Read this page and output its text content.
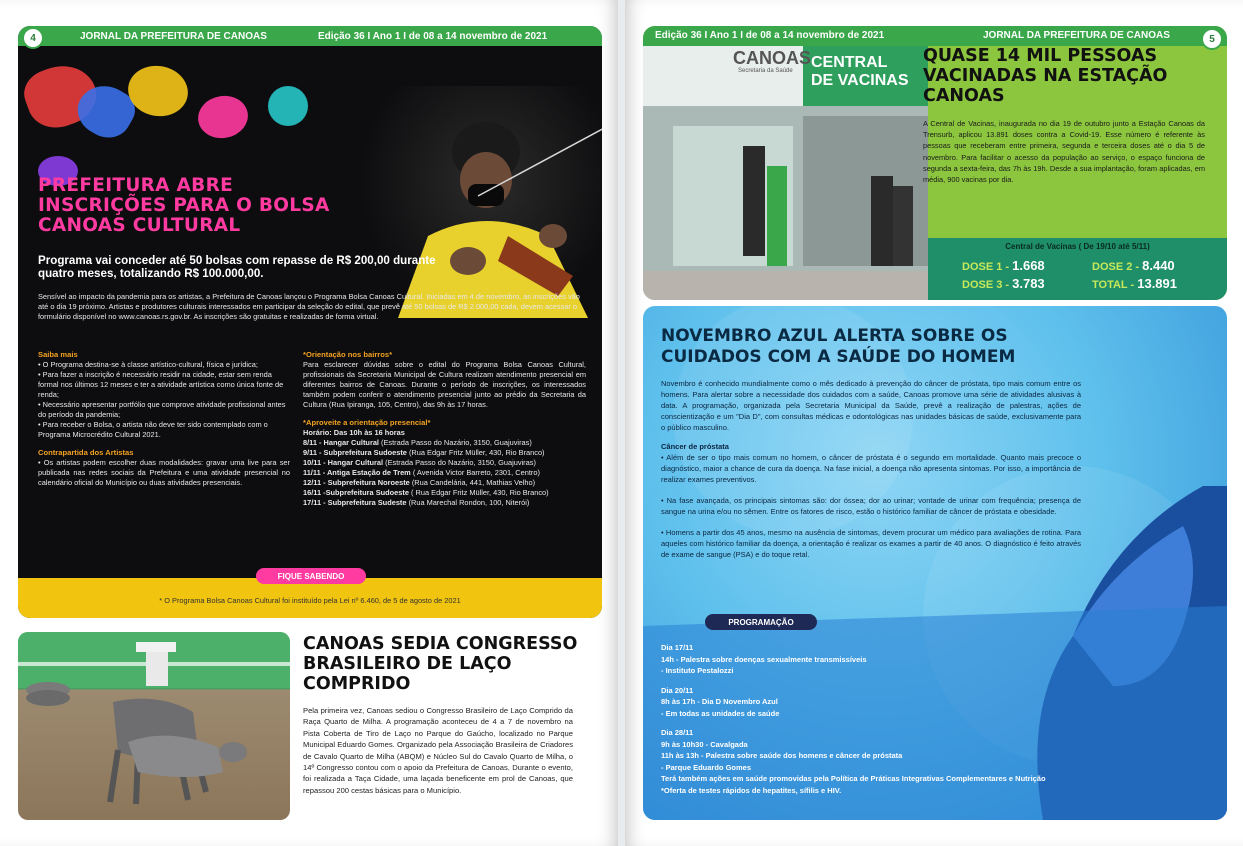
JORNAL DA PREFEITURA DE CANOAS	Edição 36 I Ano 1 I de 08 a 14 novembro de 2021
4
PREFEITURA ABRE INSCRIÇÕES PARA O BOLSA CANOAS CULTURAL
Programa vai conceder até 50 bolsas com repasse de R$ 200,00 durante quatro meses, totalizando R$ 100.000,00.
Sensível ao impacto da pandemia para os artistas, a Prefeitura de Canoas lançou o Programa Bolsa Canoas Cultural. Iniciadas em 4 de novembro, as inscrições vão até o dia 19 próximo. Artistas e produtores culturais interessados em participar da seleção do edital, que prevê até 50 bolsas de R$ 2.000,00 cada, devem acessar o formulário disponível no www.canoas.rs.gov.br. As inscrições são gratuitas e realizadas de forma virtual.
Saiba mais
• O Programa destina-se à classe artístico-cultural, física e jurídica;
• Para fazer a inscrição é necessário residir na cidade, estar sem renda formal nos últimos 12 meses e ter a atividade artística como única fonte de renda;
• Necessário apresentar portfólio que comprove atividade profissional antes do período da pandemia;
• Para receber o Bolsa, o artista não deve ter sido contemplado com o Programa Microcrédito Cultural 2021.
Contrapartida dos Artistas
• Os artistas podem escolher duas modalidades: gravar uma live para ser publicada nas redes sociais da Prefeitura e uma atividade presencial no calendário oficial do Município ou duas atividades presenciais.
*Orientação nos bairros*
Para esclarecer dúvidas sobre o edital do Programa Bolsa Canoas Cultural, profissionais da Secretaria Municipal de Cultura realizam atendimento presencial em diferentes bairros de Canoas. Durante o período de inscrições, os interessados também podem conferir o atendimento presencial junto ao prédio da Secretaria da Cultura (Rua Ipiranga, 105, Centro), das 9h às 17 horas.
*Aproveite a orientação presencial*
Horário: Das 10h às 16 horas
8/11 - Hangar Cultural (Estrada Passo do Nazário, 3150, Guajuviras)
9/11 - Subprefeitura Sudoeste (Rua Edgar Fritz Müller, 430, Rio Branco)
10/11 - Hangar Cultural (Estrada Passo do Nazário, 3150, Guajuviras)
11/11 - Antiga Estação de Trem ( Avenida Victor Barreto, 2301, Centro)
12/11 - Subprefeitura Noroeste (Rua Candelária, 441, Mathias Velho)
16/11 -Subprefeitura Sudoeste ( Rua Edgar Fritz Müller, 430, Rio Branco)
17/11 - Subprefeitura Sudeste (Rua Marechal Rondon, 100, Niterói)
FIQUE SABENDO
* O Programa Bolsa Canoas Cultural foi instituído pela Lei nº 6.460, de 5 de agosto de 2021
CANOAS SEDIA CONGRESSO BRASILEIRO DE LAÇO COMPRIDO
Pela primeira vez, Canoas sediou o Congresso Brasileiro de Laço Comprido da Raça Quarto de Milha. A programação aconteceu de 4 a 7 de novembro na Pista Coberta de Tiro de Laço no Parque do Gaúcho, localizado no Parque Municipal Eduardo Gomes. Organizado pela Associação Brasileira de Criadores de Cavalo Quarto de Milha (ABQM) e Núcleo Sul do Cavalo Quarto de Milha, o 14º Congresso contou com o apoio da Prefeitura de Canoas. Durante o evento, foi realizada a Taça Cidade, uma laçada beneficente em prol de Canoas, que repassou 200 cestas básicas para o Município.
Edição 36 I Ano 1 I de 08 a 14 novembro de 2021	JORNAL DA PREFEITURA DE CANOAS
CANOAS
Secretaria da Saúde CENTRAL DE VACINAS
Central de Vacinas ( De 19/10 até 5/11)
DOSE 1 - 1.668	DOSE 2 - 8.440
DOSE 3 - 3.783	TOTAL - 13.891
5
QUASE 14 MIL PESSOAS VACINADAS NA ESTAÇÃO CANOAS
A Central de Vacinas, inaugurada no dia 19 de outubro junto a Estação Canoas da Trensurb, aplicou 13.891 doses contra a Covid-19. Esse número é referente às pessoas que receberam entre primeira, segunda e terceira doses até o dia 5 de novembro. Para facilitar o acesso da população ao serviço, o espaço funciona de segunda a sexta-feira, das 7h às 19h. Desde a sua implantação, foram aplicadas, em média, 900 vacinas por dia.
NOVEMBRO AZUL ALERTA SOBRE OS CUIDADOS COM A SAÚDE DO HOMEM
Novembro é conhecido mundialmente como o mês dedicado à prevenção do câncer de próstata, tipo mais comum entre os homens. Para alertar sobre a necessidade dos cuidados com a saúde, Canoas promove uma série de atividades alusivas à data. A programação, organizada pela Secretaria Municipal da Saúde, prevê a realização de palestras, ações de conscientização e um "Dia D", com consultas médicas e odontológicas nas unidades básicas de saúde, exclusivamente para o público masculino.
Câncer de próstata
• Além de ser o tipo mais comum no homem, o câncer de próstata é o segundo em mortalidade. Quanto mais precoce o diagnóstico, maior a chance de cura da doença. Na fase inicial, a doença não apresenta sintomas. Por isso, a importância de realizar exames preventivos.
• Na fase avançada, os principais sintomas são: dor óssea; dor ao urinar; vontade de urinar com frequência; presença de sangue na urina e/ou no sêmen. Entre os fatores de risco, estão o histórico familiar de câncer de próstata e obesidade.
• Homens a partir dos 45 anos, mesmo na ausência de sintomas, devem procurar um médico para avaliações de rotina. Para aqueles com histórico familiar da doença, a orientação é realizar os exames a partir de 40 anos. O diagnóstico é feito através de exame de sangue (PSA) e do toque retal.
PROGRAMAÇÃO
Dia 17/11
14h - Palestra sobre doenças sexualmente transmissíveis
- Instituto Pestalozzi
Dia 20/11
8h às 17h - Dia D Novembro Azul
- Em todas as unidades de saúde
Dia 28/11
9h às 10h30 - Cavalgada
11h às 13h - Palestra sobre saúde dos homens e câncer de próstata
- Parque Eduardo Gomes
Terá também ações em saúde promovidas pela Política de Práticas Integrativas Complementares e Nutrição
*Oferta de testes rápidos de hepatites, sífilis e HIV.
